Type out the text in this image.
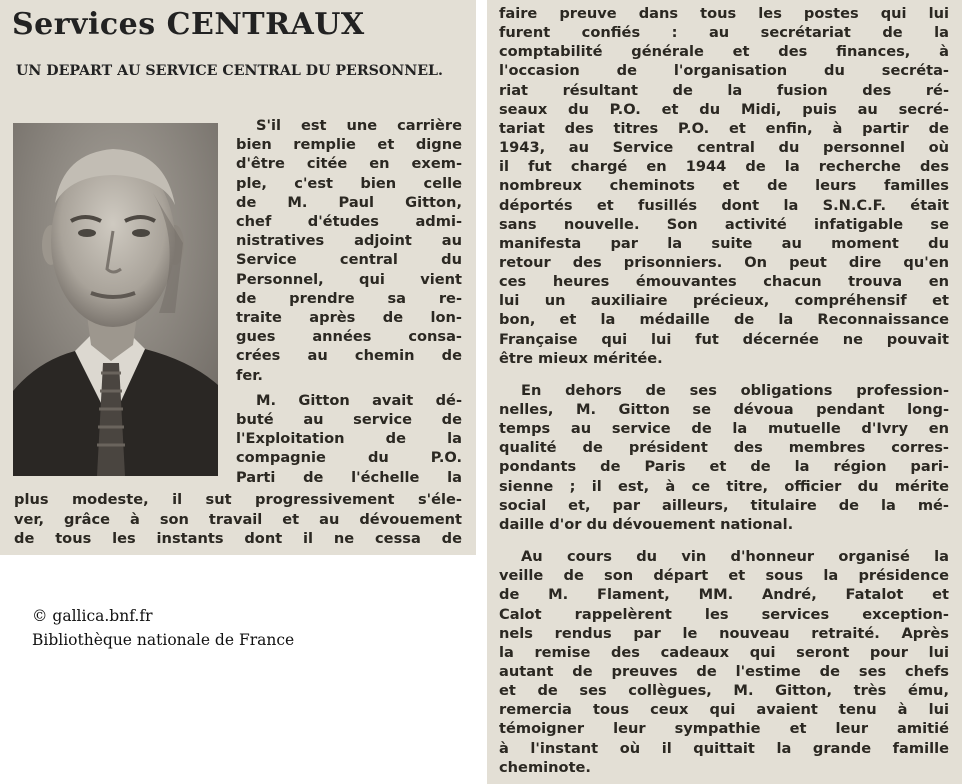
Services CENTRAUX
UN DEPART AU SERVICE CENTRAL DU PERSONNEL.
S'il est une carrière
bien remplie et digne
d'être citée en exem-
ple, c'est bien celle
de M. Paul Gitton,
chef d'études admi-
nistratives adjoint au
Service central du
Personnel, qui vient
de prendre sa re-
traite après de lon-
gues années consa-
crées au chemin de
fer.
M. Gitton avait dé-
buté au service de
l'Exploitation de la
compagnie du P.O.
Parti de l'échelle la
plus modeste, il sut progressivement s'éle-
ver, grâce à son travail et au dévouement
de tous les instants dont il ne cessa de
© gallica.bnf.fr
Bibliothèque nationale de France
faire preuve dans tous les postes qui lui
furent confiés : au secrétariat de la
comptabilité générale et des finances, à
l'occasion de l'organisation du secréta-
riat résultant de la fusion des ré-
seaux du P.O. et du Midi, puis au secré-
tariat des titres P.O. et enfin, à partir de
1943, au Service central du personnel où
il fut chargé en 1944 de la recherche des
nombreux cheminots et de leurs familles
déportés et fusillés dont la S.N.C.F. était
sans nouvelle. Son activité infatigable se
manifesta par la suite au moment du
retour des prisonniers. On peut dire qu'en
ces heures émouvantes chacun trouva en
lui un auxiliaire précieux, compréhensif et
bon, et la médaille de la Reconnaissance
Française qui lui fut décernée ne pouvait
être mieux méritée.
En dehors de ses obligations profession-
nelles, M. Gitton se dévoua pendant long-
temps au service de la mutuelle d'Ivry en
qualité de président des membres corres-
pondants de Paris et de la région pari-
sienne ; il est, à ce titre, officier du mérite
social et, par ailleurs, titulaire de la mé-
daille d'or du dévouement national.
Au cours du vin d'honneur organisé la
veille de son départ et sous la présidence
de M. Flament, MM. André, Fatalot et
Calot rappelèrent les services exception-
nels rendus par le nouveau retraité. Après
la remise des cadeaux qui seront pour lui
autant de preuves de l'estime de ses chefs
et de ses collègues, M. Gitton, très ému,
remercia tous ceux qui avaient tenu à lui
témoigner leur sympathie et leur amitié
à l'instant où il quittait la grande famille
cheminote.
